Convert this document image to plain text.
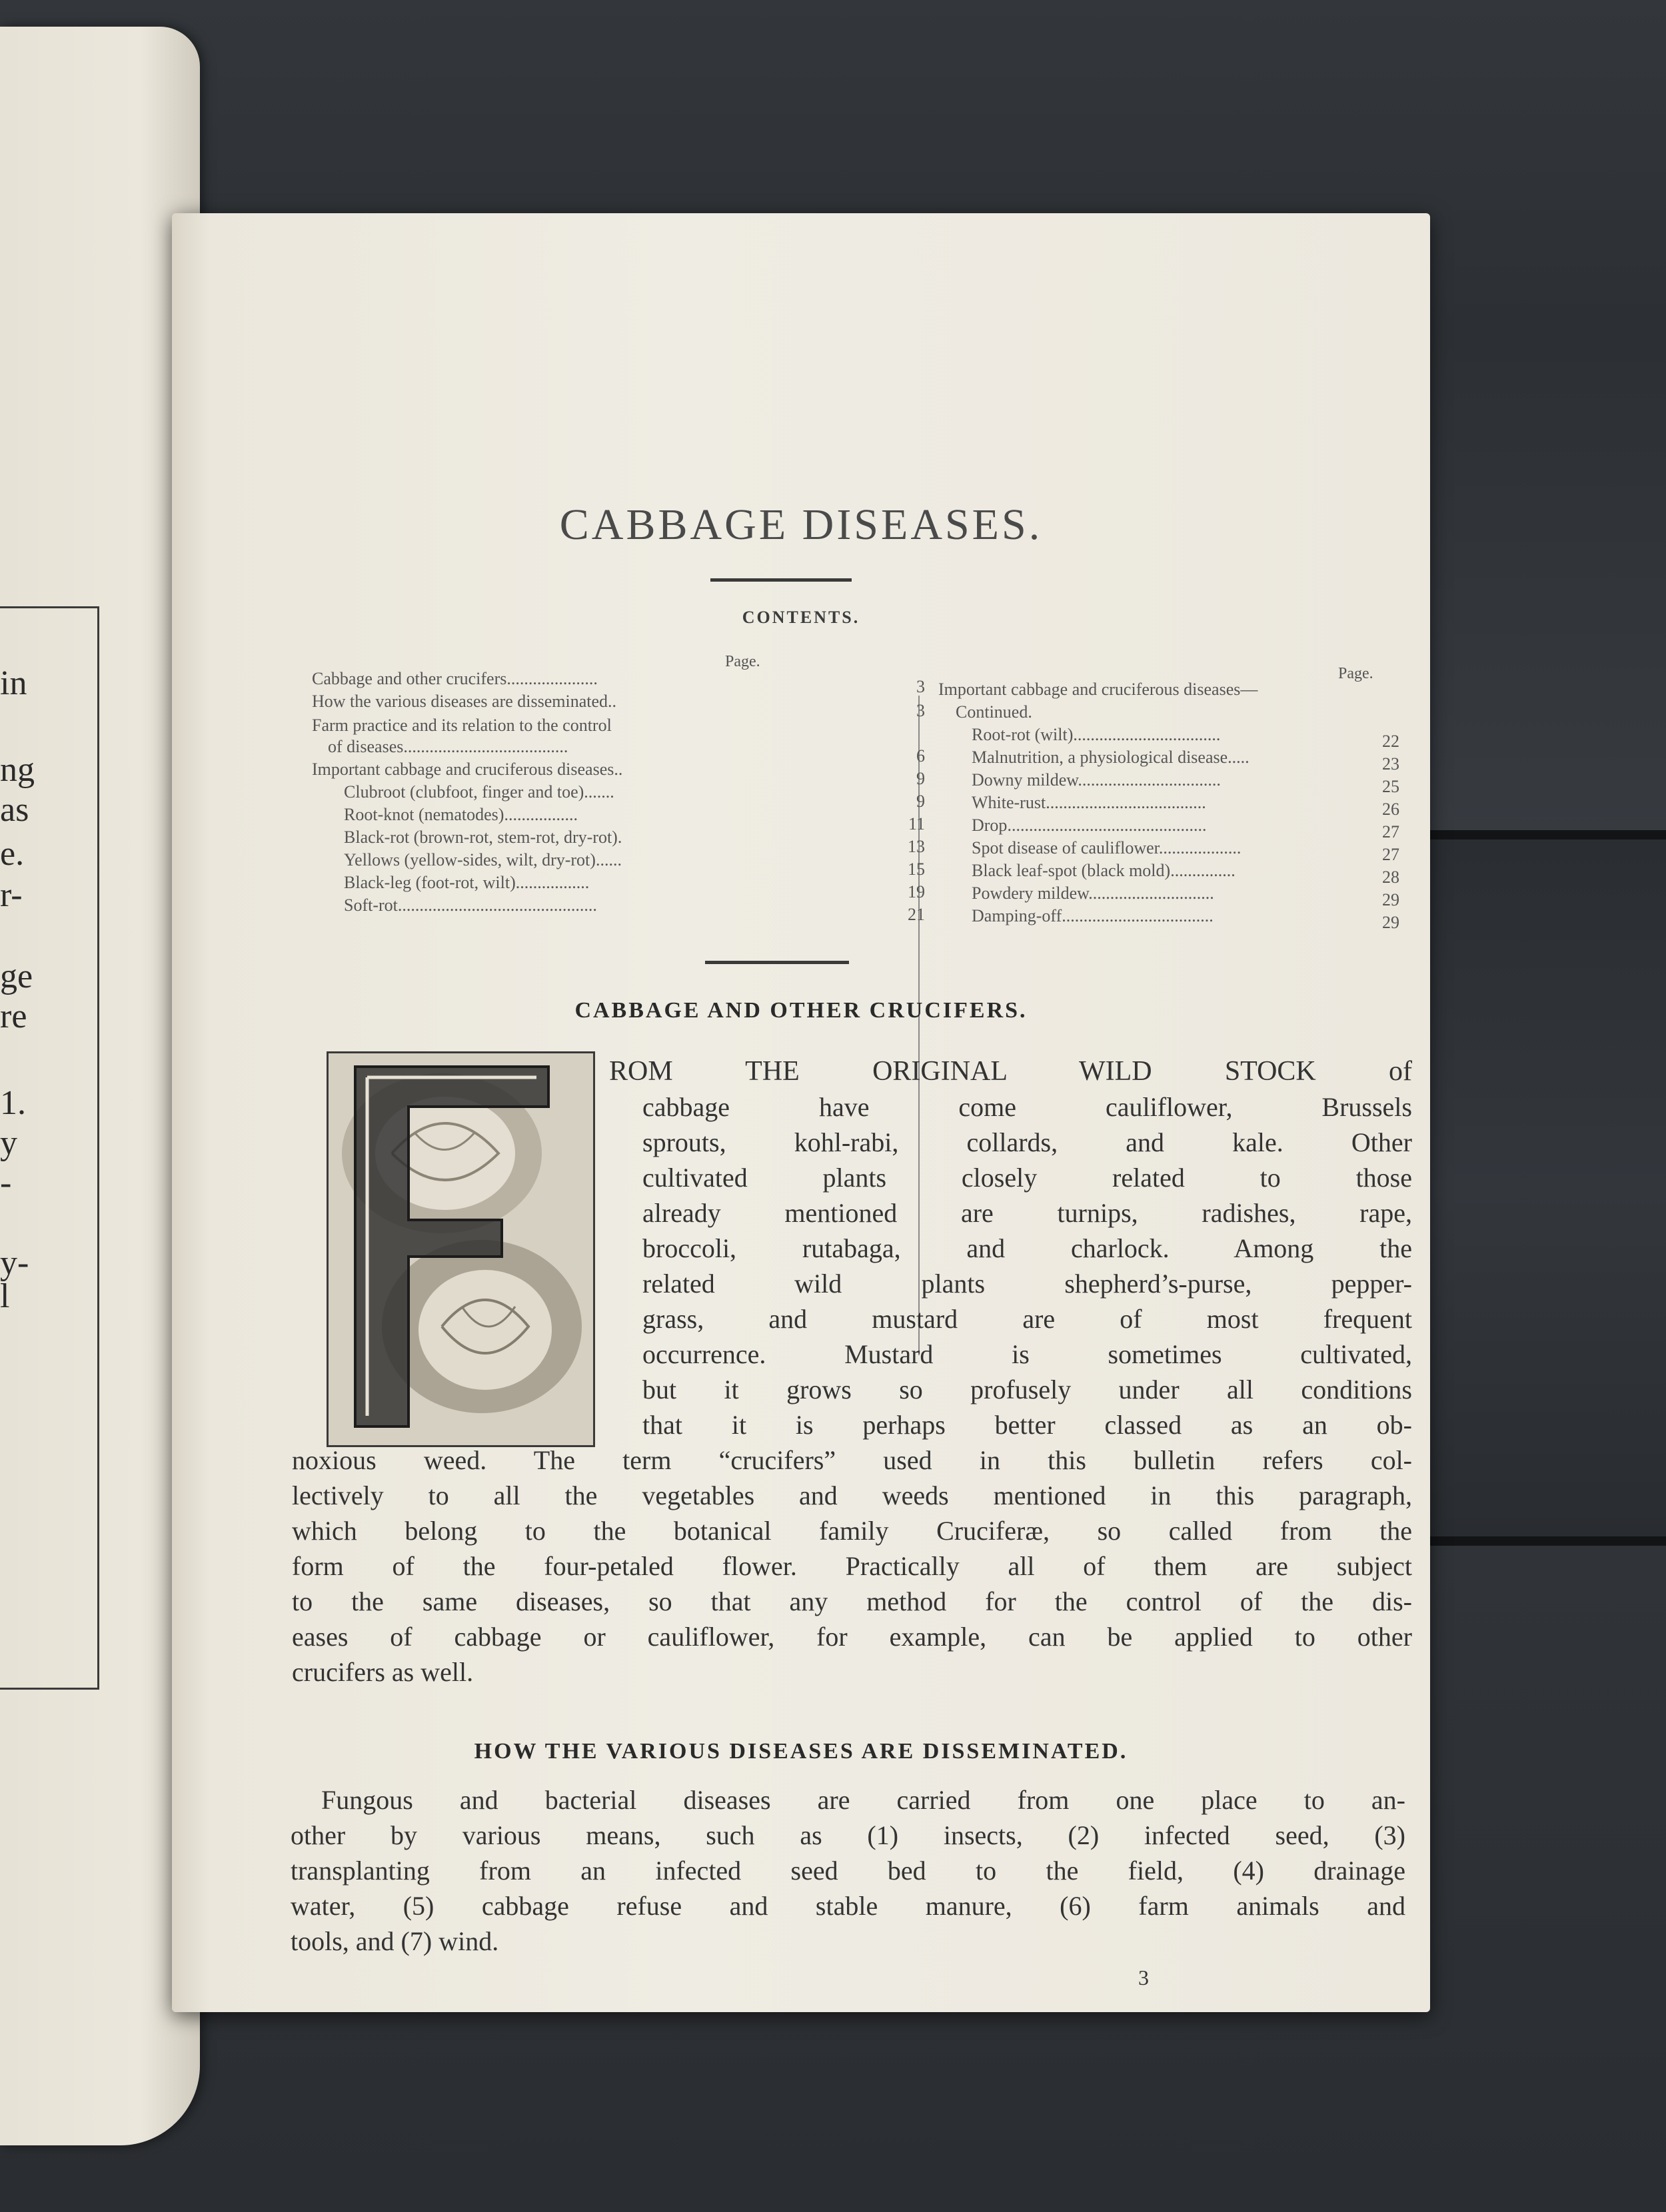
in
ng
as
e.
r-
ge
re
1.
y
-
y-
l
CABBAGE DISEASES.
CONTENTS.
Page.
Page.
Cabbage and other crucifers.....................	3
How the various diseases are disseminated..	3
Farm practice and its relation to the control
of diseases......................................	6
Important cabbage and cruciferous diseases..	9
Clubroot (clubfoot, finger and toe).......	9
Root-knot (nematodes).................	11
Black-rot (brown-rot, stem-rot, dry-rot).	13
Yellows (yellow-sides, wilt, dry-rot)......	15
Black-leg (foot-rot, wilt).................	19
Soft-rot..............................................	21
Important cabbage and cruciferous diseases—
Continued.
Root-rot (wilt)..................................	22
Malnutrition, a physiological disease.....	23
Downy mildew.................................	25
White-rust.....................................	26
Drop..............................................	27
Spot disease of cauliflower...................	27
Black leaf-spot (black mold)...............	28
Powdery mildew.............................	29
Damping-off...................................	29
CABBAGE AND OTHER CRUCIFERS.
ROM THE ORIGINAL WILD STOCK of
cabbage have come cauliflower, Brussels
sprouts, kohl-rabi, collards, and kale. Other
cultivated plants closely related to those
already mentioned are turnips, radishes, rape,
broccoli, rutabaga, and charlock. Among the
related wild plants shepherd’s-purse, pepper-
grass, and mustard are of most frequent
occurrence. Mustard is sometimes cultivated,
but it grows so profusely under all conditions
that it is perhaps better classed as an ob-
noxious weed. The term “crucifers” used in this bulletin refers col-
lectively to all the vegetables and weeds mentioned in this paragraph,
which belong to the botanical family Cruciferæ, so called from the
form of the four-petaled flower. Practically all of them are subject
to the same diseases, so that any method for the control of the dis-
eases of cabbage or cauliflower, for example, can be applied to other
crucifers as well.
HOW THE VARIOUS DISEASES ARE DISSEMINATED.
Fungous and bacterial diseases are carried from one place to an-
other by various means, such as (1) insects, (2) infected seed, (3)
transplanting from an infected seed bed to the field, (4) drainage
water, (5) cabbage refuse and stable manure, (6) farm animals and
tools, and (7) wind.
3
